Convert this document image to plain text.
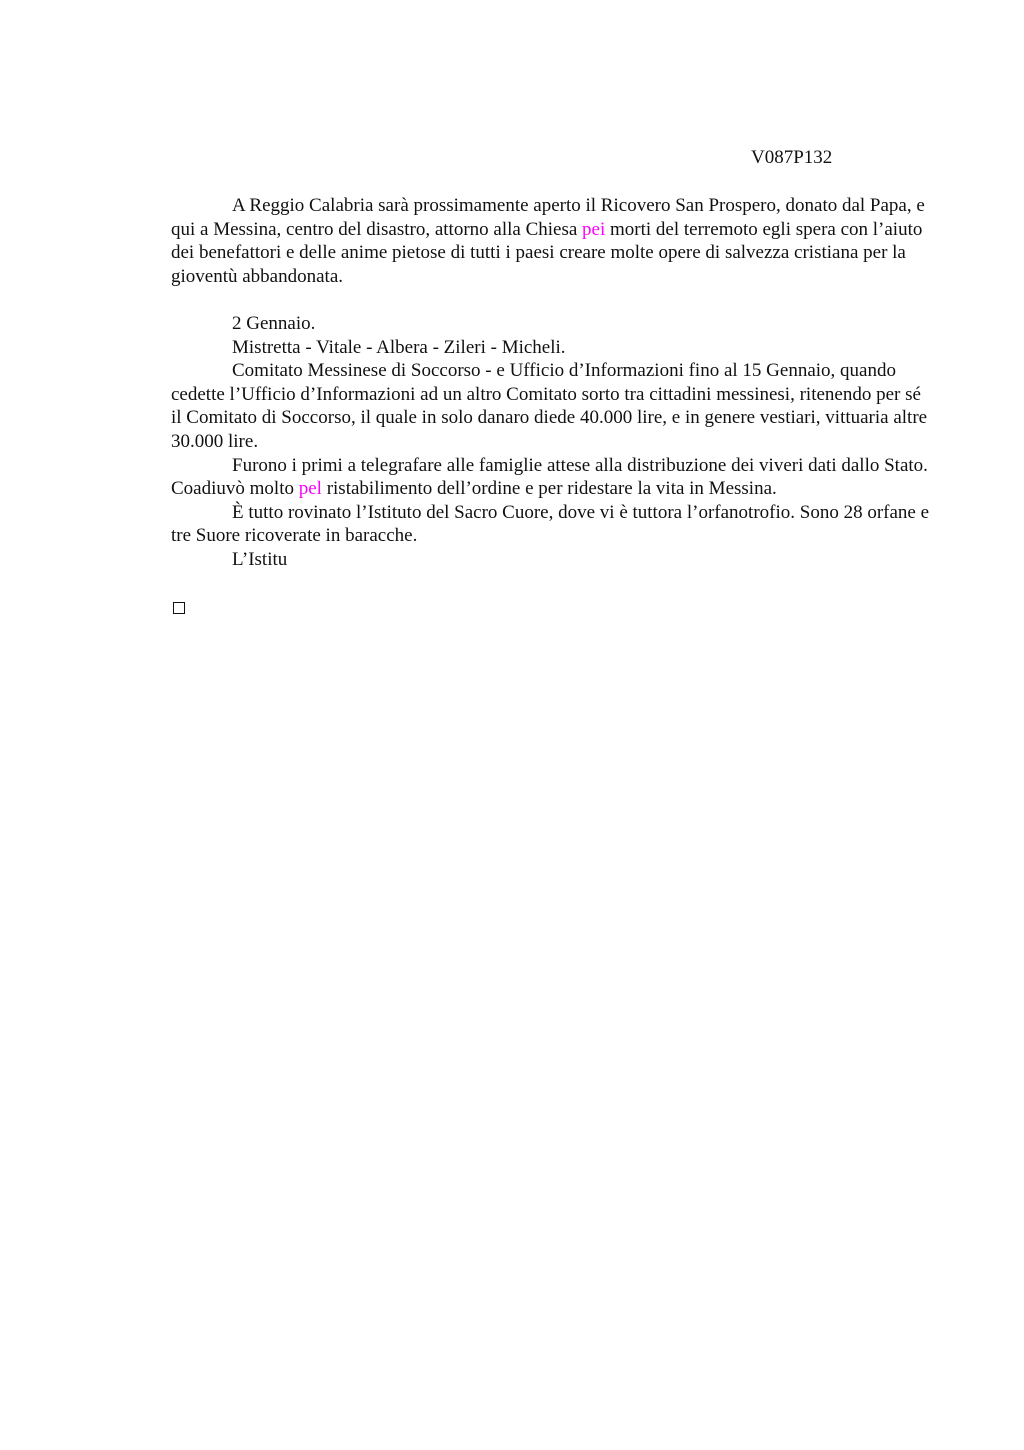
V087P132

A Reggio Calabria sarà prossimamente aperto il Ricovero San Prospero, donato dal Papa, e qui a Messina, centro del disastro, attorno alla Chiesa pei morti del terremoto egli spera con l’aiuto dei benefattori e delle anime pietose di tutti i paesi creare molte opere di salvezza cristiana per la gioventù abbandonata.

2 Gennaio.

Mistretta - Vitale - Albera - Zileri - Micheli.

Comitato Messinese di Soccorso - e Ufficio d’Informazioni fino al 15 Gennaio, quando cedette l’Ufficio d’Informazioni ad un altro Comitato sorto tra cittadini messinesi, ritenendo per sé il Comitato di Soccorso, il quale in solo danaro diede 40.000 lire, e in genere vestiari, vittuaria altre 30.000 lire.

Furono i primi a telegrafare alle famiglie attese alla distribuzione dei viveri dati dallo Stato. Coadiuvò molto pel ristabilimento dell’ordine e per ridestare la vita in Messina.

È tutto rovinato l’Istituto del Sacro Cuore, dove vi è tuttora l’orfanotrofio. Sono 28 orfane e tre Suore ricoverate in baracche.

L’Istitu
